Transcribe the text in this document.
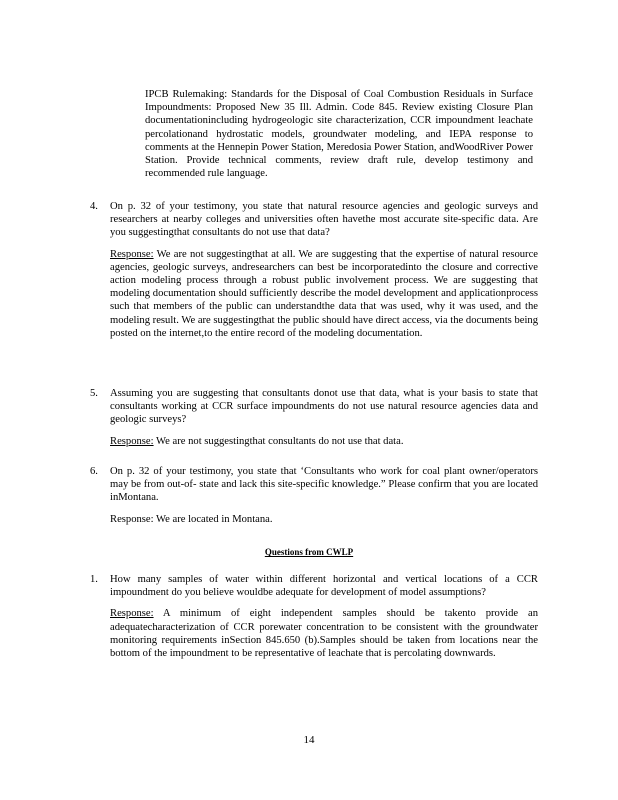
IPCB Rulemaking: Standards for the Disposal of Coal Combustion Residuals in Surface Impoundments: Proposed New 35 Ill. Admin. Code 845. Review existing Closure Plan documentationincluding hydrogeologic site characterization, CCR impoundment leachate percolationand hydrostatic models, groundwater modeling, and IEPA response to comments at the Hennepin Power Station, Meredosia Power Station, andWoodRiver Power Station. Provide technical comments, review draft rule, develop testimony and recommended rule language.
4. On p. 32 of your testimony, you state that natural resource agencies and geologic surveys and researchers at nearby colleges and universities often havethe most accurate site-specific data. Are you suggestingthat consultants do not use that data?

Response: We are not suggestingthat at all. We are suggesting that the expertise of natural resource agencies, geologic surveys, andresearchers can best be incorporatedinto the closure and corrective action modeling process through a robust public involvement process. We are suggesting that modeling documentation should sufficiently describe the model development and applicationprocess such that members of the public can understandthe data that was used, why it was used, and the modeling result. We are suggestingthat the public should have direct access, via the documents being posted on the internet,to the entire record of the modeling documentation.

5. Assuming you are suggesting that consultants donot use that data, what is your basis to state that consultants working at CCR surface impoundments do not use natural resource agencies data and geologic surveys?

Response: We are not suggestingthat consultants do not use that data.

6. On p. 32 of your testimony, you state that ‘Consultants who work for coal plant owner/operators may be from out-of- state and lack this site-specific knowledge.” Please confirm that you are located inMontana.

Response: We are located in Montana.

Questions from CWLP
1. How many samples of water within different horizontal and vertical locations of a CCR impoundment do you believe wouldbe adequate for development of model assumptions?

Response: A minimum of eight independent samples should be takento provide an adequatecharacterization of CCR porewater concentration to be consistent with the groundwater monitoring requirements inSection 845.650 (b).Samples should be taken from locations near the bottom of the impoundment to be representative of leachate that is percolating downwards.

14
